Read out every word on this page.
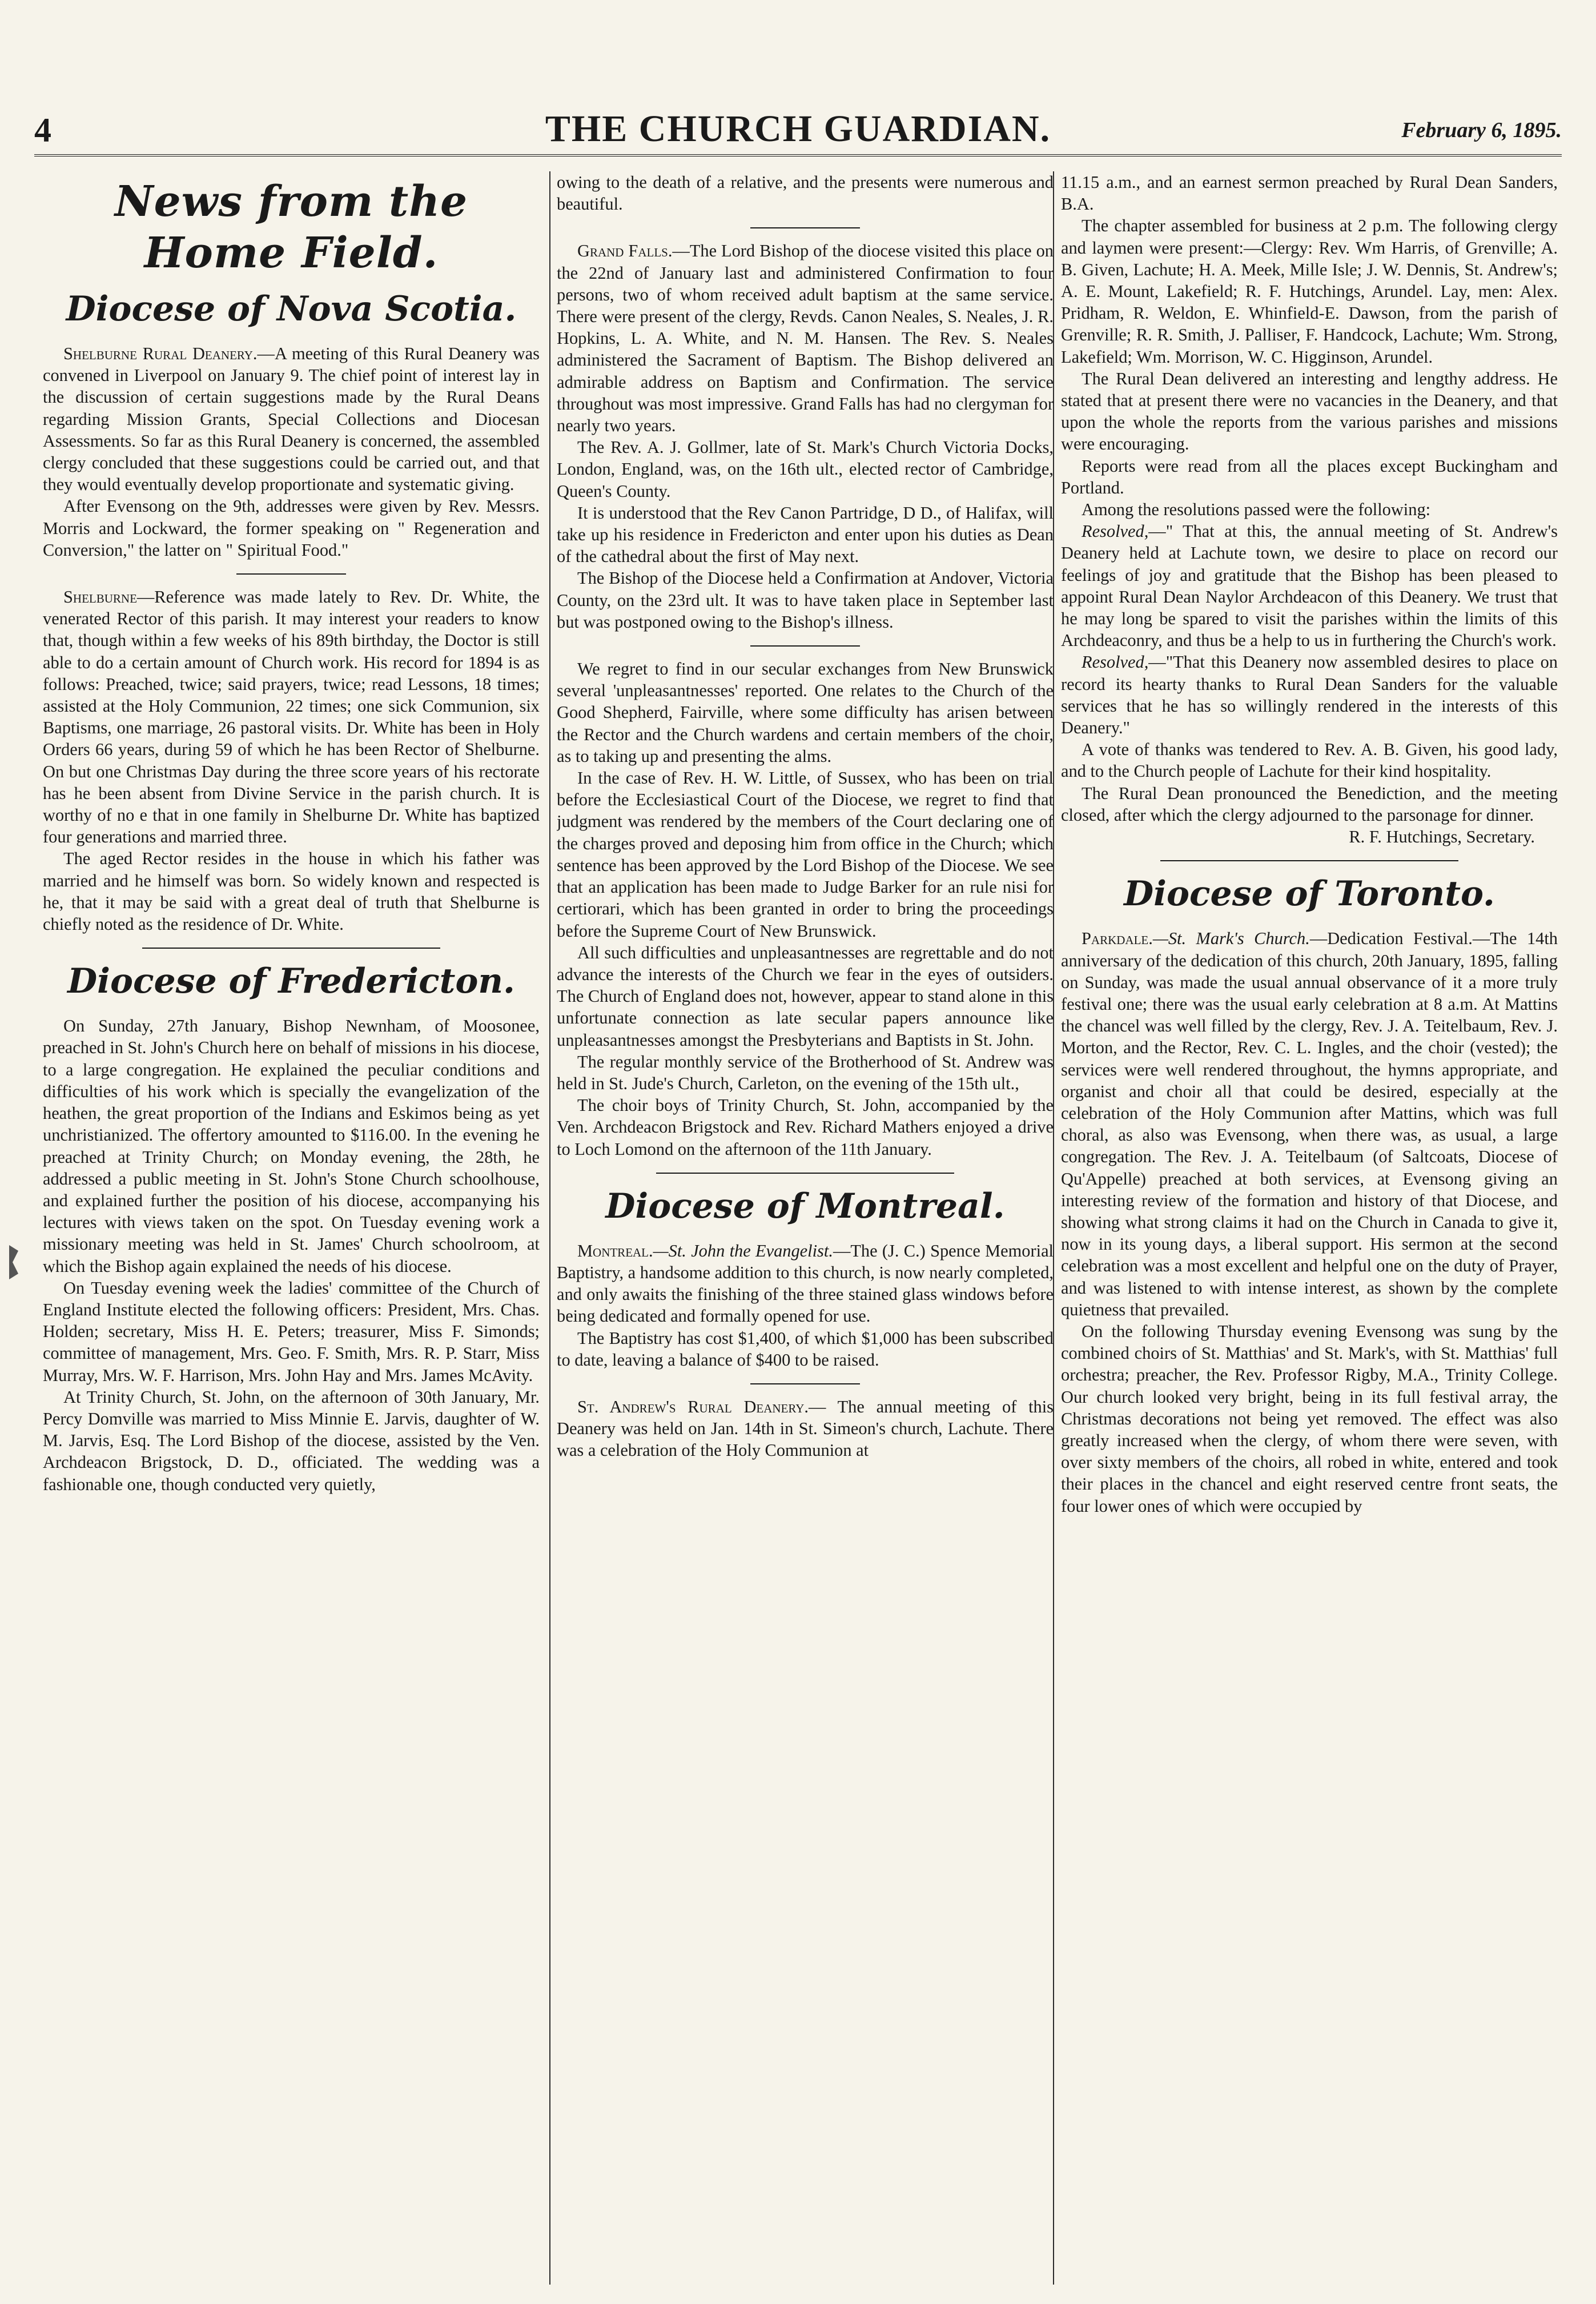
4	THE CHURCH GUARDIAN.	February 6, 1895.
News from the Home Field.
Diocese of Nova Scotia.

Shelburne Rural Deanery.—A meeting of this Rural Deanery was convened in Liverpool on January 9. The chief point of interest lay in the discussion of certain suggestions made by the Rural Deans regarding Mission Grants, Special Collections and Diocesan Assessments. So far as this Rural Deanery is concerned, the assembled clergy concluded that these suggestions could be carried out, and that they would eventually develop proportionate and systematic giving.

After Evensong on the 9th, addresses were given by Rev. Messrs. Morris and Lockward, the former speaking on " Regeneration and Conversion," the latter on " Spiritual Food."

Shelburne—Reference was made lately to Rev. Dr. White, the venerated Rector of this parish. It may interest your readers to know that, though within a few weeks of his 89th birthday, the Doctor is still able to do a certain amount of Church work. His record for 1894 is as follows: Preached, twice; said prayers, twice; read Lessons, 18 times; assisted at the Holy Communion, 22 times; one sick Communion, six Baptisms, one marriage, 26 pastoral visits. Dr. White has been in Holy Orders 66 years, during 59 of which he has been Rector of Shelburne. On but one Christmas Day during the three score years of his rectorate has he been absent from Divine Service in the parish church. It is worthy of no e that in one family in Shelburne Dr. White has baptized four generations and married three.

The aged Rector resides in the house in which his father was married and he himself was born. So widely known and respected is he, that it may be said with a great deal of truth that Shelburne is chiefly noted as the residence of Dr. White.

Diocese of Fredericton.

On Sunday, 27th January, Bishop Newnham, of Moosonee, preached in St. John's Church here on behalf of missions in his diocese, to a large congregation. He explained the peculiar conditions and difficulties of his work which is specially the evangelization of the heathen, the great proportion of the Indians and Eskimos being as yet unchristianized. The offertory amounted to $116.00. In the evening he preached at Trinity Church; on Monday evening, the 28th, he addressed a public meeting in St. John's Stone Church schoolhouse, and explained further the position of his diocese, accompanying his lectures with views taken on the spot. On Tuesday evening work a missionary meeting was held in St. James' Church schoolroom, at which the Bishop again explained the needs of his diocese.

On Tuesday evening week the ladies' committee of the Church of England Institute elected the following officers: President, Mrs. Chas. Holden; secretary, Miss H. E. Peters; treasurer, Miss F. Simonds; committee of management, Mrs. Geo. F. Smith, Mrs. R. P. Starr, Miss Murray, Mrs. W. F. Harrison, Mrs. John Hay and Mrs. James McAvity.

At Trinity Church, St. John, on the afternoon of 30th January, Mr. Percy Domville was married to Miss Minnie E. Jarvis, daughter of W. M. Jarvis, Esq. The Lord Bishop of the diocese, assisted by the Ven. Archdeacon Brigstock, D. D., officiated. The wedding was a fashionable one, though conducted very quietly,

owing to the death of a relative, and the presents were numerous and beautiful.

Grand Falls.—The Lord Bishop of the diocese visited this place on the 22nd of January last and administered Confirmation to four persons, two of whom received adult baptism at the same service. There were present of the clergy, Revds. Canon Neales, S. Neales, J. R. Hopkins, L. A. White, and N. M. Hansen. The Rev. S. Neales administered the Sacrament of Baptism. The Bishop delivered an admirable address on Baptism and Confirmation. The service throughout was most impressive. Grand Falls has had no clergyman for nearly two years.

The Rev. A. J. Gollmer, late of St. Mark's Church Victoria Docks, London, England, was, on the 16th ult., elected rector of Cambridge, Queen's County.

It is understood that the Rev Canon Partridge, D D., of Halifax, will take up his residence in Fredericton and enter upon his duties as Dean of the cathedral about the first of May next.

The Bishop of the Diocese held a Confirmation at Andover, Victoria County, on the 23rd ult. It was to have taken place in September last but was postponed owing to the Bishop's illness.

We regret to find in our secular exchanges from New Brunswick several 'unpleasantnesses' reported. One relates to the Church of the Good Shepherd, Fairville, where some difficulty has arisen between the Rector and the Church wardens and certain members of the choir, as to taking up and presenting the alms.

In the case of Rev. H. W. Little, of Sussex, who has been on trial before the Ecclesiastical Court of the Diocese, we regret to find that judgment was rendered by the members of the Court declaring one of the charges proved and deposing him from office in the Church; which sentence has been approved by the Lord Bishop of the Diocese. We see that an application has been made to Judge Barker for an rule nisi for certiorari, which has been granted in order to bring the proceedings before the Supreme Court of New Brunswick.

All such difficulties and unpleasantnesses are regrettable and do not advance the interests of the Church we fear in the eyes of outsiders. The Church of England does not, however, appear to stand alone in this unfortunate connection as late secular papers announce like unpleasantnesses amongst the Presbyterians and Baptists in St. John.

The regular monthly service of the Brotherhood of St. Andrew was held in St. Jude's Church, Carleton, on the evening of the 15th ult.,

The choir boys of Trinity Church, St. John, accompanied by the Ven. Archdeacon Brigstock and Rev. Richard Mathers enjoyed a drive to Loch Lomond on the afternoon of the 11th January.

Diocese of Montreal.

Montreal.—St. John the Evangelist.—The (J. C.) Spence Memorial Baptistry, a handsome addition to this church, is now nearly completed, and only awaits the finishing of the three stained glass windows before being dedicated and formally opened for use.

The Baptistry has cost $1,400, of which $1,000 has been subscribed to date, leaving a balance of $400 to be raised.

St. Andrew's Rural Deanery.— The annual meeting of this Deanery was held on Jan. 14th in St. Simeon's church, Lachute. There was a celebration of the Holy Communion at

11.15 a.m., and an earnest sermon preached by Rural Dean Sanders, B.A.

The chapter assembled for business at 2 p.m. The following clergy and laymen were present:—Clergy: Rev. Wm Harris, of Grenville; A. B. Given, Lachute; H. A. Meek, Mille Isle; J. W. Dennis, St. Andrew's; A. E. Mount, Lakefield; R. F. Hutchings, Arundel. Lay, men: Alex. Pridham, R. Weldon, E. Whinfield-E. Dawson, from the parish of Grenville; R. R. Smith, J. Palliser, F. Handcock, Lachute; Wm. Strong, Lakefield; Wm. Morrison, W. C. Higginson, Arundel.

The Rural Dean delivered an interesting and lengthy address. He stated that at present there were no vacancies in the Deanery, and that upon the whole the reports from the various parishes and missions were encouraging.

Reports were read from all the places except Buckingham and Portland.

Among the resolutions passed were the following:

Resolved,—" That at this, the annual meeting of St. Andrew's Deanery held at Lachute town, we desire to place on record our feelings of joy and gratitude that the Bishop has been pleased to appoint Rural Dean Naylor Archdeacon of this Deanery. We trust that he may long be spared to visit the parishes within the limits of this Archdeaconry, and thus be a help to us in furthering the Church's work.

Resolved,—"That this Deanery now assembled desires to place on record its hearty thanks to Rural Dean Sanders for the valuable services that he has so willingly rendered in the interests of this Deanery."

A vote of thanks was tendered to Rev. A. B. Given, his good lady, and to the Church people of Lachute for their kind hospitality.

The Rural Dean pronounced the Benediction, and the meeting closed, after which the clergy adjourned to the parsonage for dinner.

R. F. Hutchings, Secretary.

Diocese of Toronto.

Parkdale.—St. Mark's Church.—Dedication Festival.—The 14th anniversary of the dedication of this church, 20th January, 1895, falling on Sunday, was made the usual annual observance of it a more truly festival one; there was the usual early celebration at 8 a.m. At Mattins the chancel was well filled by the clergy, Rev. J. A. Teitelbaum, Rev. J. Morton, and the Rector, Rev. C. L. Ingles, and the choir (vested); the services were well rendered throughout, the hymns appropriate, and organist and choir all that could be desired, especially at the celebration of the Holy Communion after Mattins, which was full choral, as also was Evensong, when there was, as usual, a large congregation. The Rev. J. A. Teitelbaum (of Saltcoats, Diocese of Qu'Appelle) preached at both services, at Evensong giving an interesting review of the formation and history of that Diocese, and showing what strong claims it had on the Church in Canada to give it, now in its young days, a liberal support. His sermon at the second celebration was a most excellent and helpful one on the duty of Prayer, and was listened to with intense interest, as shown by the complete quietness that prevailed.

On the following Thursday evening Evensong was sung by the combined choirs of St. Matthias' and St. Mark's, with St. Matthias' full orchestra; preacher, the Rev. Professor Rigby, M.A., Trinity College. Our church looked very bright, being in its full festival array, the Christmas decorations not being yet removed. The effect was also greatly increased when the clergy, of whom there were seven, with over sixty members of the choirs, all robed in white, entered and took their places in the chancel and eight reserved centre front seats, the four lower ones of which were occupied by
